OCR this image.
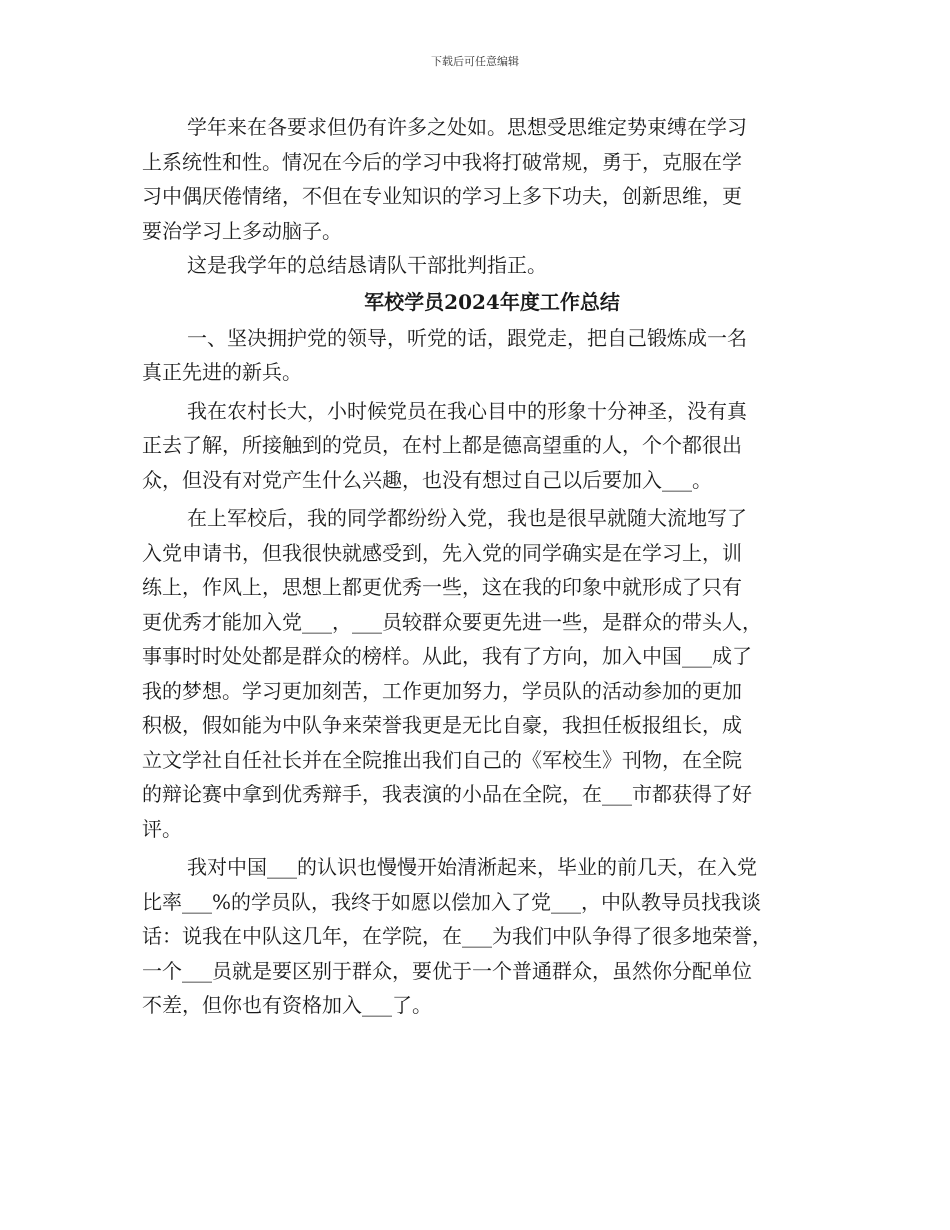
下载后可任意编辑
学年来在各要求但仍有许多之处如。思想受思维定势束缚在学习
上系统性和性。情况在今后的学习中我将打破常规，勇于，克服在学
习中偶厌倦情绪，不但在专业知识的学习上多下功夫，创新思维，更
要治学习上多动脑子。
这是我学年的总结恳请队干部批判指正。
军校学员2024年度工作总结
一、坚决拥护党的领导，听党的话，跟党走，把自己锻炼成一名
真正先进的新兵。
我在农村长大，小时候党员在我心目中的形象十分神圣，没有真
正去了解，所接触到的党员，在村上都是德高望重的人，个个都很出
众，但没有对党产生什么兴趣，也没有想过自己以后要加入___。
在上军校后，我的同学都纷纷入党，我也是很早就随大流地写了
入党申请书，但我很快就感受到，先入党的同学确实是在学习上，训
练上，作风上，思想上都更优秀一些，这在我的印象中就形成了只有
更优秀才能加入党___，___员较群众要更先进一些，是群众的带头人，
事事时时处处都是群众的榜样。从此，我有了方向，加入中国___成了
我的梦想。学习更加刻苦，工作更加努力，学员队的活动参加的更加
积极，假如能为中队争来荣誉我更是无比自豪，我担任板报组长，成
立文学社自任社长并在全院推出我们自己的《军校生》刊物，在全院
的辩论赛中拿到优秀辩手，我表演的小品在全院，在___市都获得了好
评。
我对中国___的认识也慢慢开始清淅起来，毕业的前几天，在入党
比率___%的学员队，我终于如愿以偿加入了党___，中队教导员找我谈
话：说我在中队这几年，在学院，在___为我们中队争得了很多地荣誉，
一个___员就是要区别于群众，要优于一个普通群众，虽然你分配单位
不差，但你也有资格加入___了。
